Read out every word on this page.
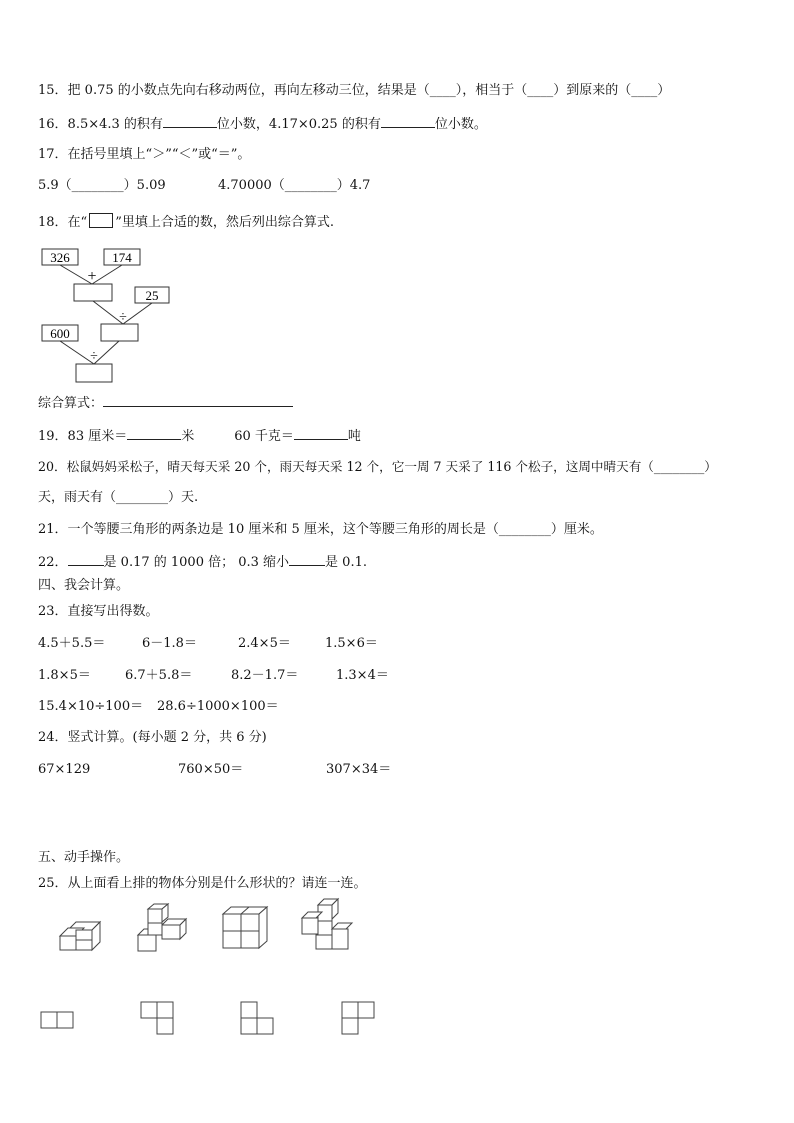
15．把 0.75 的小数点先向右移动两位，再向左移动三位，结果是（____），相当于（____）到原来的（____）
16．8.5×4.3 的积有	位小数，4.17×0.25 的积有	位小数。
17．在括号里填上“＞”“＜”或“＝”。
5.9（________）5.09	4.70000（________）4.7
18．在“ ”里填上合适的数，然后列出综合算式.
326	174
+
25
÷
600
÷
综合算式：
19．83 厘米＝	米	60 千克＝	吨
20．松鼠妈妈采松子，晴天每天采 20 个，雨天每天采 12 个，它一周 7 天采了 116 个松子，这周中晴天有（________）
天，雨天有（________）天.
21．一个等腰三角形的两条边是 10 厘米和 5 厘米，这个等腰三角形的周长是（________）厘米。
22．	是 0.17 的 1000 倍； 0.3 缩小	是 0.1.
四、我会计算。
23．直接写出得数。
4.5＋5.5＝	6－1.8＝	2.4×5＝	1.5×6＝
1.8×5＝	6.7＋5.8＝	8.2－1.7＝	1.3×4＝
15.4×10÷100＝ 28.6÷1000×100＝
24．竖式计算。(每小题 2 分，共 6 分)
67×129	760×50＝	307×34＝
五、动手操作。
25．从上面看上排的物体分别是什么形状的？请连一连。
